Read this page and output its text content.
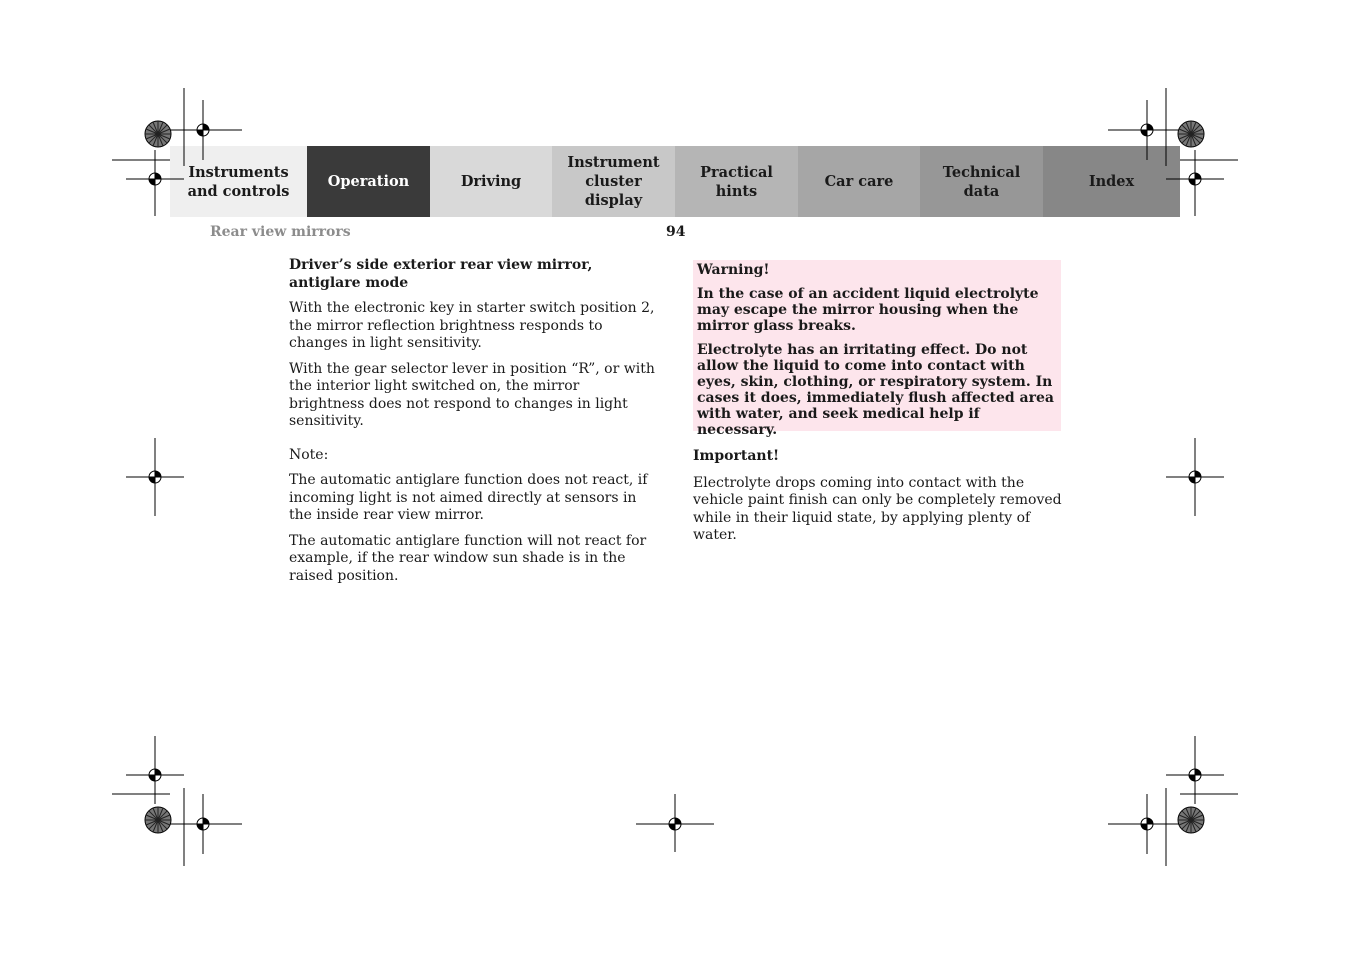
Instruments
and controls
Operation	Driving
Instrument
cluster display
Practical hints
Car care
Technical
data
Index
Rear view mirrors	94
Driver’s side exterior rear view mirror,
antiglare mode

With the electronic key in starter switch position 2, the mirror reflection brightness responds to changes in light sensitivity.

With the gear selector lever in position “R”, or with the interior light switched on, the mirror brightness does not respond to changes in light sensitivity.

Note:

The automatic antiglare function does not react, if incoming light is not aimed directly at sensors in the inside rear view mirror.

The automatic antiglare function will not react for example, if the rear window sun shade is in the raised position.

Warning!

In the case of an accident liquid electrolyte may escape the mirror housing when the mirror glass breaks.

Electrolyte has an irritating effect. Do not allow the liquid to come into contact with eyes, skin, clothing, or respiratory system. In cases it does, immediately flush affected area with water, and seek medical help if necessary.

Important!

Electrolyte drops coming into contact with the vehicle paint finish can only be completely removed while in their liquid state, by applying plenty of water.
